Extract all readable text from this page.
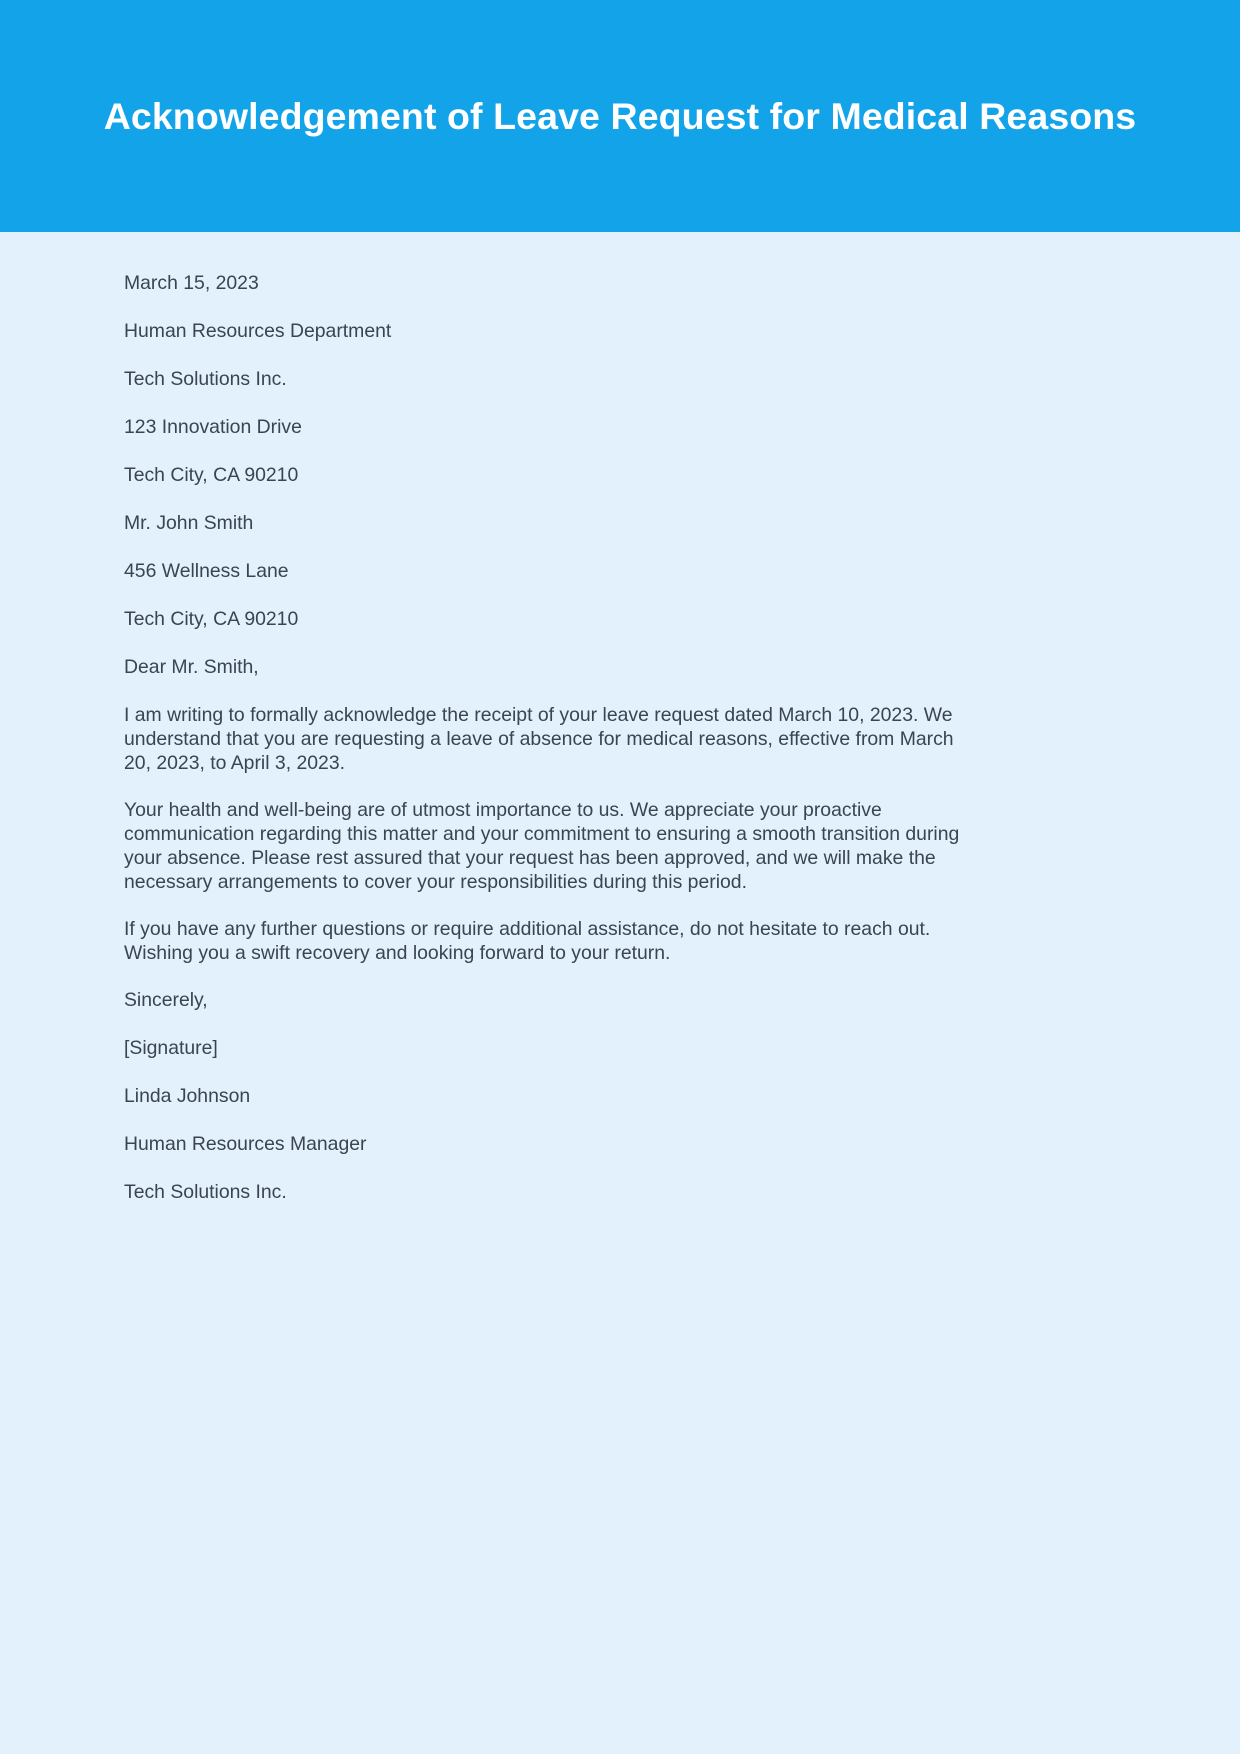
Acknowledgement of Leave Request for Medical Reasons

March 15, 2023

Human Resources Department

Tech Solutions Inc.

123 Innovation Drive

Tech City, CA 90210

Mr. John Smith

456 Wellness Lane

Tech City, CA 90210

Dear Mr. Smith,

I am writing to formally acknowledge the receipt of your leave request dated March 10, 2023. We understand that you are requesting a leave of absence for medical reasons, effective from March 20, 2023, to April 3, 2023.

Your health and well-being are of utmost importance to us. We appreciate your proactive communication regarding this matter and your commitment to ensuring a smooth transition during your absence. Please rest assured that your request has been approved, and we will make the necessary arrangements to cover your responsibilities during this period.

If you have any further questions or require additional assistance, do not hesitate to reach out. Wishing you a swift recovery and looking forward to your return.

Sincerely,

[Signature]

Linda Johnson

Human Resources Manager

Tech Solutions Inc.
